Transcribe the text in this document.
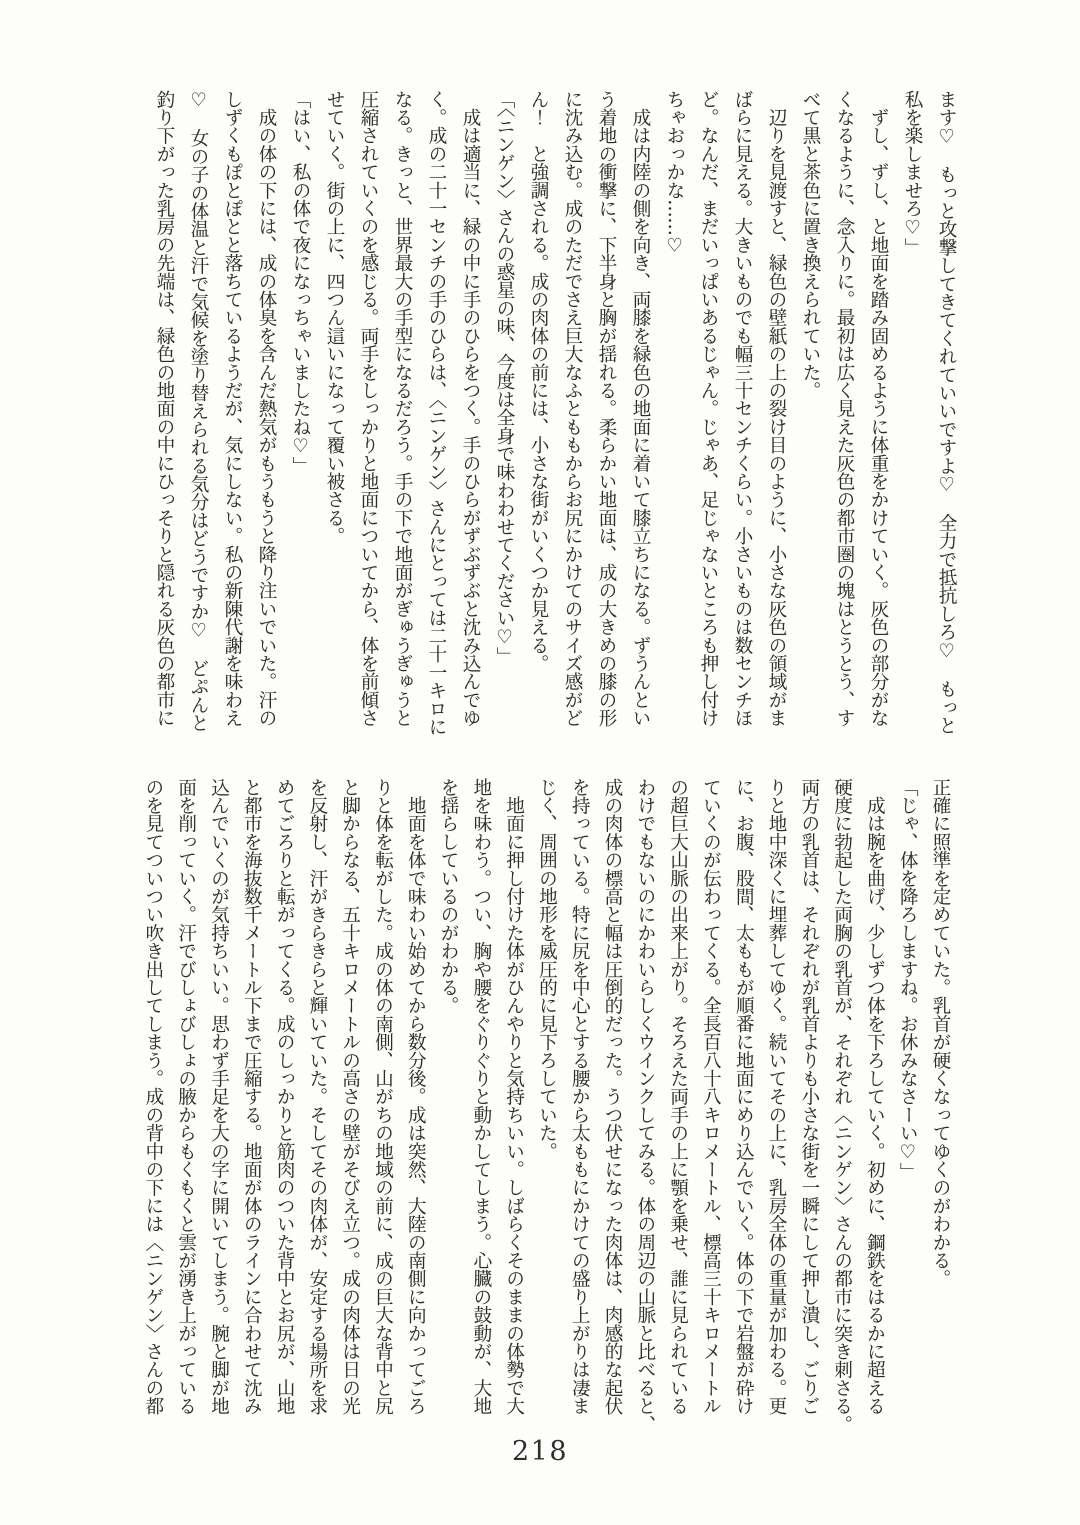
ます♡　もっと攻撃してきてくれていいですよ♡　全力で抵抗しろ♡　もっと
私を楽しませろ♡」
　ずし、ずし、と地面を踏み固めるように体重をかけていく。灰色の部分がな
くなるように、念入りに。最初は広く見えた灰色の都市圏の塊はとうとう、す
べて黒と茶色に置き換えられていた。
　辺りを見渡すと、緑色の壁紙の上の裂け目のように、小さな灰色の領域がま
ばらに見える。大きいものでも幅三十センチくらい。小さいものは数センチほ
ど。なんだ、まだいっぱいあるじゃん。じゃあ、足じゃないところも押し付け
ちゃおっかな……♡
　成は内陸の側を向き、両膝を緑色の地面に着いて膝立ちになる。ずうんとい
う着地の衝撃に、下半身と胸が揺れる。柔らかい地面は、成の大きめの膝の形
に沈み込む。成のただでさえ巨大なふとももからお尻にかけてのサイズ感がど
ん！　と強調される。成の肉体の前には、小さな街がいくつか見える。
「〈ニンゲン〉さんの惑星の味、今度は全身で味わわせてください♡」
　成は適当に、緑の中に手のひらをつく。手のひらがずぶずぶと沈み込んでゆ
く。成の二十一センチの手のひらは、〈ニンゲン〉さんにとっては二十一キロに
なる。きっと、世界最大の手型になるだろう。手の下で地面がぎゅうぎゅうと
圧縮されていくのを感じる。両手をしっかりと地面についてから、体を前傾さ
せていく。街の上に、四つん這いになって覆い被さる。
「はい、私の体で夜になっちゃいましたね♡」
　成の体の下には、成の体臭を含んだ熱気がもうもうと降り注いでいた。汗の
しずくもぽとぽとと落ちているようだが、気にしない。私の新陳代謝を味わえ
♡　女の子の体温と汗で気候を塗り替えられる気分はどうですか♡　どぷんと
釣り下がった乳房の先端は、緑色の地面の中にひっそりと隠れる灰色の都市に
正確に照準を定めていた。乳首が硬くなってゆくのがわかる。
「じゃ、体を降ろしますね。お休みなさーい♡」
　成は腕を曲げ、少しずつ体を下ろしていく。初めに、鋼鉄をはるかに超える
硬度に勃起した両胸の乳首が、それぞれ〈ニンゲン〉さんの都市に突き刺さる。
両方の乳首は、それぞれが乳首よりも小さな街を一瞬にして押し潰し、ごりご
りと地中深くに埋葬してゆく。続いてその上に、乳房全体の重量が加わる。更
に、お腹、股間、太ももが順番に地面にめり込んでいく。体の下で岩盤が砕け
ていくのが伝わってくる。全長百八十八キロメートル、標高三十キロメートル
の超巨大山脈の出来上がり。そろえた両手の上に顎を乗せ、誰に見られている
わけでもないのにかわいらしくウインクしてみる。体の周辺の山脈と比べると、
成の肉体の標高と幅は圧倒的だった。うつ伏せになった肉体は、肉感的な起伏
を持っている。特に尻を中心とする腰から太ももにかけての盛り上がりは凄ま
じく、周囲の地形を威圧的に見下ろしていた。
　地面に押し付けた体がひんやりと気持ちいい。しばらくそのままの体勢で大
地を味わう。つい、胸や腰をぐりぐりと動かしてしまう。心臓の鼓動が、大地
を揺らしているのがわかる。
　地面を体で味わい始めてから数分後。成は突然、大陸の南側に向かってごろ
りと体を転がした。成の体の南側、山がちの地域の前に、成の巨大な背中と尻
と脚からなる、五十キロメートルの高さの壁がそびえ立つ。成の肉体は日の光
を反射し、汗がきらきらと輝いていた。そしてその肉体が、安定する場所を求
めてごろりと転がってくる。成のしっかりと筋肉のついた背中とお尻が、山地
と都市を海抜数千メートル下まで圧縮する。地面が体のラインに合わせて沈み
込んでいくのが気持ちいい。思わず手足を大の字に開いてしまう。腕と脚が地
面を削っていく。汗でびしょびしょの腋からもくもくと雲が湧き上がっている
のを見てついつい吹き出してしまう。成の背中の下には〈ニンゲン〉さんの都
218
